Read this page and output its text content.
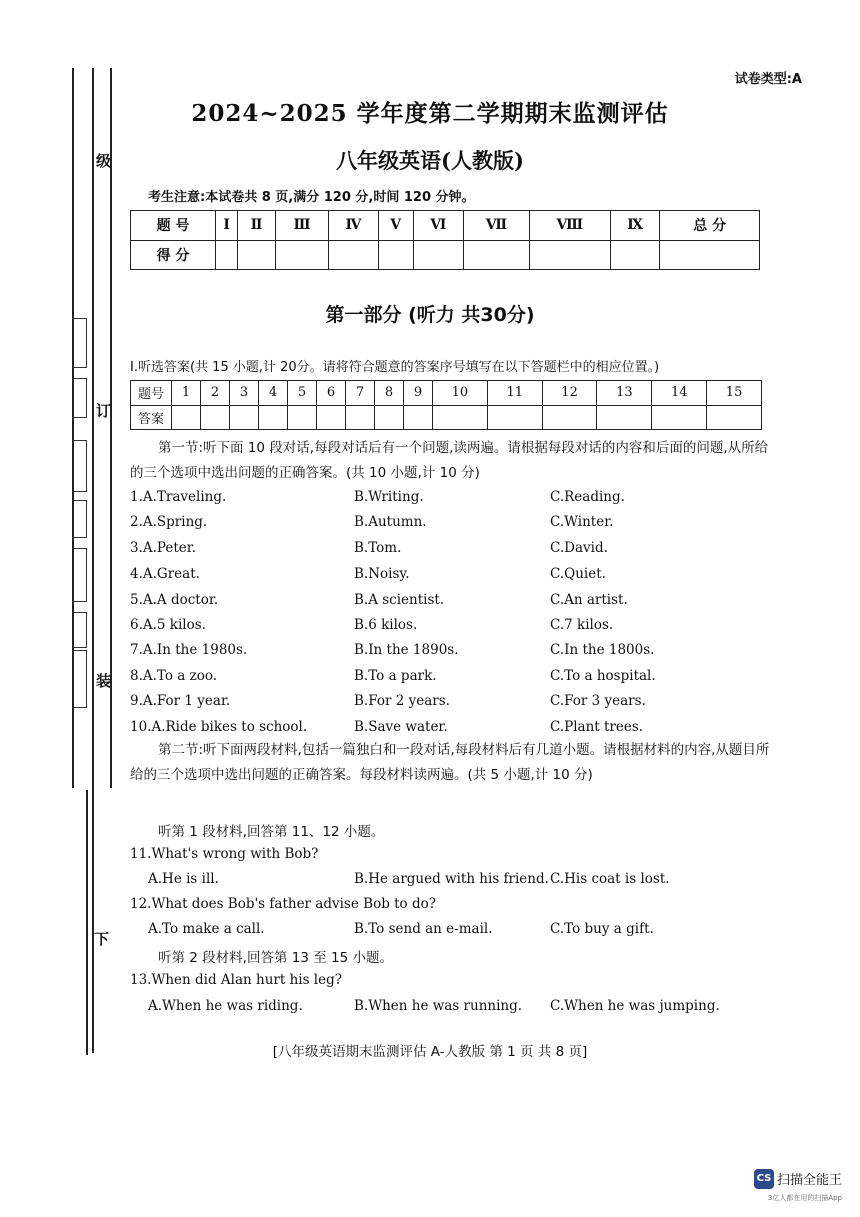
级
订
装
下
试卷类型:A
2024~2025 学年度第二学期期末监测评估
八年级英语(人教版)
考生注意:本试卷共 8 页,满分 120 分,时间 120 分钟。
题 号	Ⅰ	Ⅱ	Ⅲ	Ⅳ	Ⅴ	Ⅵ	Ⅶ	Ⅷ	Ⅸ	总 分
得 分										
第一部分 (听力 共30分)
Ⅰ.听选答案(共 15 小题,计 20分。请将符合题意的答案序号填写在以下答题栏中的相应位置。)
题号	1	2	3	4	5	6	7	8	9	10	11	12	13	14	15
答案															
第一节:听下面 10 段对话,每段对话后有一个问题,读两遍。请根据每段对话的内容和后面的问题,从所给的三个选项中选出问题的正确答案。(共 10 小题,计 10 分)
1.A.Traveling.	B.Writing.	C.Reading.
2.A.Spring.	B.Autumn.	C.Winter.
3.A.Peter.	B.Tom.	C.David.
4.A.Great.	B.Noisy.	C.Quiet.
5.A.A doctor.	B.A scientist.	C.An artist.
6.A.5 kilos.	B.6 kilos.	C.7 kilos.
7.A.In the 1980s.	B.In the 1890s.	C.In the 1800s.
8.A.To a zoo.	B.To a park.	C.To a hospital.
9.A.For 1 year.	B.For 2 years.	C.For 3 years.
10.A.Ride bikes to school.	B.Save water.	C.Plant trees.
第二节:听下面两段材料,包括一篇独白和一段对话,每段材料后有几道小题。请根据材料的内容,从题目所给的三个选项中选出问题的正确答案。每段材料读两遍。(共 5 小题,计 10 分)
听第 1 段材料,回答第 11、12 小题。
11.What's wrong with Bob?
A.He is ill.	B.He argued with his friend. C.His coat is lost.
12.What does Bob's father advise Bob to do?
A.To make a call.	B.To send an e-mail.	C.To buy a gift.
听第 2 段材料,回答第 13 至 15 小题。
13.When did Alan hurt his leg?
A.When he was riding.	B.When he was running. C.When he was jumping.
[八年级英语期末监测评估 A-人教版 第 1 页 共 8 页]
CS 扫描全能王
3亿人都在用的扫描App
